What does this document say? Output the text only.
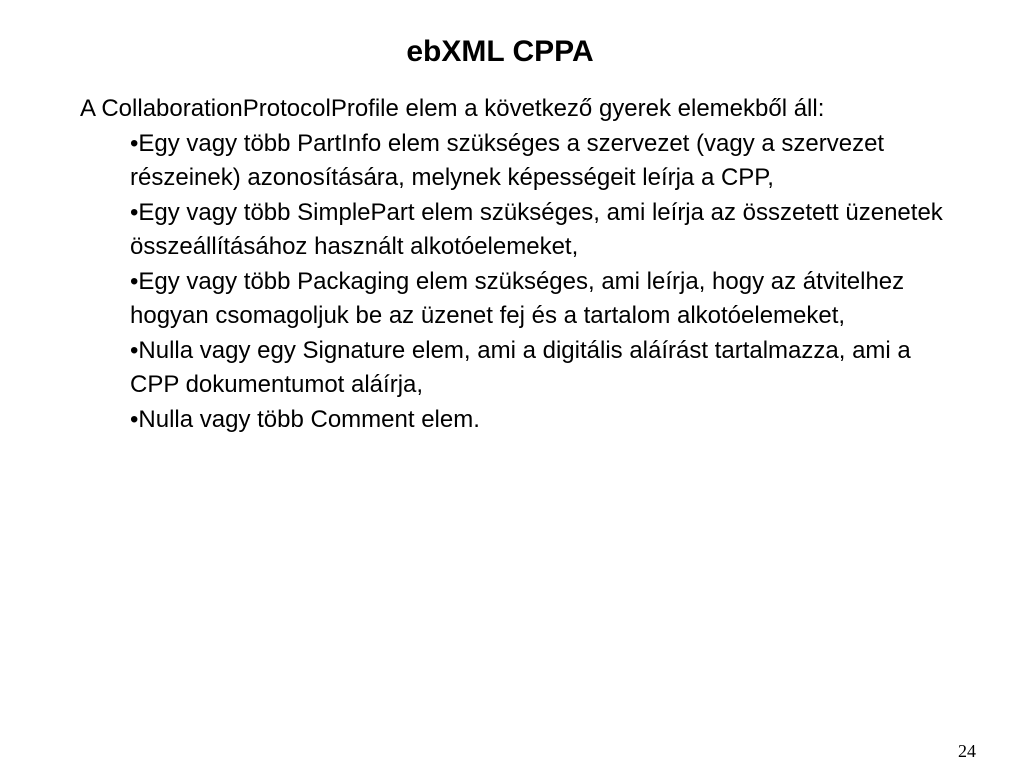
ebXML CPPA

A CollaborationProtocolProfile elem a következő gyerek elemekből áll:

•Egy vagy több PartInfo elem szükséges a szervezet (vagy a szervezet részeinek) azonosítására, melynek képességeit leírja a CPP,
•Egy vagy több SimplePart elem szükséges, ami leírja az összetett üzenetek összeállításához használt alkotóelemeket,
•Egy vagy több Packaging elem szükséges, ami leírja, hogy az átvitelhez hogyan csomagoljuk be az üzenet fej és a tartalom alkotóelemeket,
•Nulla vagy egy Signature elem, ami a digitális aláírást tartalmazza, ami a CPP dokumentumot aláírja,
•Nulla vagy több Comment elem.
24
